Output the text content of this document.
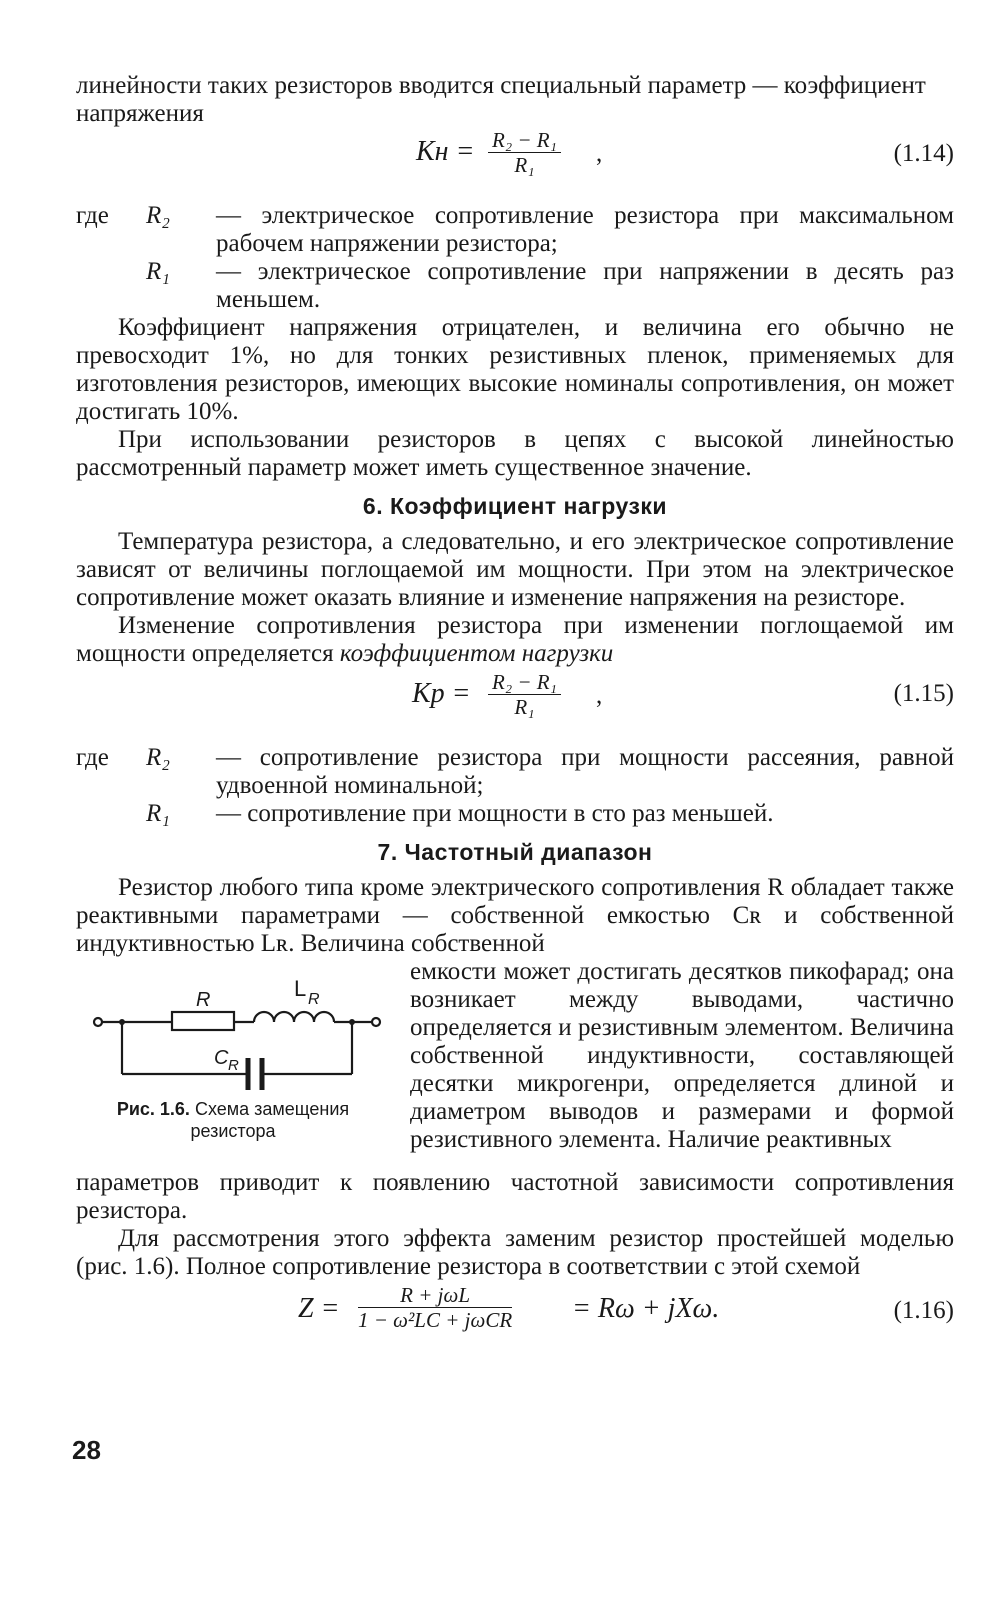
линейности таких резисторов вводится специальный параметр — коэффициент напряжения

Kн = $\frac{\text{R₂ − R₁}}{\text{R₁}}$ ,	(1.14)
где R₂ — электрическое сопротивление резистора при максимальном рабочем напряжении резистора;

R₁ — электрическое сопротивление при напряжении в десять раз меньшем.

Коэффициент напряжения отрицателен, и величина его обычно не превосходит 1%, но для тонких резистивных пленок, применяемых для изготовления резисторов, имеющих высокие номиналы сопротивления, он может достигать 10%.

При использовании резисторов в цепях с высокой линейностью рассмотренный параметр может иметь существенное значение.

6. Коэффициент нагрузки

Температура резистора, а следовательно, и его электрическое сопротивление зависят от величины поглощаемой им мощности. При этом на электрическое сопротивление может оказать влияние и изменение напряжения на резисторе.

Изменение сопротивления резистора при изменении поглощаемой им мощности определяется коэффициентом нагрузки

Kр = $\frac{\text{R₂ − R₁}}{\text{R₁}}$ ,	(1.15)
где R₂ — сопротивление резистора при мощности рассеяния, равной удвоенной номинальной;

R₁ — сопротивление при мощности в сто раз меньшей.

7. Частотный диапазон

Резистор любого типа кроме электрического сопротивления R обладает также реактивными параметрами — собственной емкостью Cʀ и собственной индуктивностью Lʀ. Величина собственной

R	L R
C R
Рис. 1.6. Схема замещения резистора

емкости может достигать десятков пикофарад; она возникает между выводами, частично определяется и резистивным элементом. Величина собственной индуктивности, составляющей десятки микрогенри, определяется длиной и диаметром выводов и размерами и формой резистивного элемента. Наличие реактивных

параметров приводит к появлению частотной зависимости сопротивления резистора.

Для рассмотрения этого эффекта заменим резистор простейшей моделью (рис. 1.6). Полное сопротивление резистора в соответствии с этой схемой

Z =	R + jωL
1 − ω²LC + jωCR = Rω + jXω.	(1.16)
28
